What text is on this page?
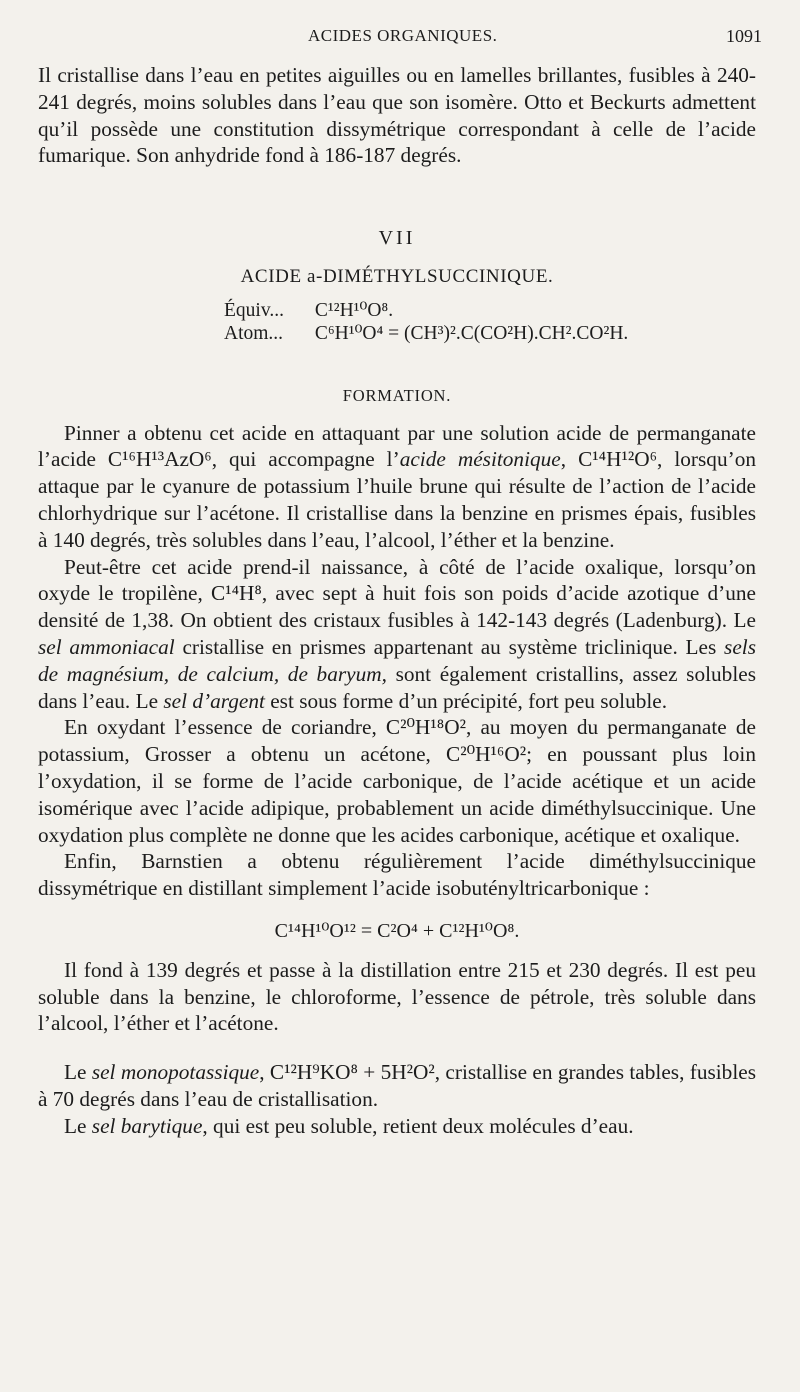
ACIDES ORGANIQUES.	1091

Il cristallise dans l’eau en petites aiguilles ou en lamelles brillantes, fusibles à 240-241 degrés, moins solubles dans l’eau que son isomère. Otto et Beckurts admettent qu’il possède une constitution dissymétrique correspondant à celle de l’acide fumarique. Son anhydride fond à 186-187 degrés.

VII

ACIDE a-DIMÉTHYLSUCCINIQUE.

Équiv... C¹²H¹⁰O⁸.
Atom... C⁶H¹⁰O⁴ = (CH³)².C(CO²H).CH².CO²H.

FORMATION.

Pinner a obtenu cet acide en attaquant par une solution acide de permanganate l’acide C¹⁶H¹³AzO⁶, qui accompagne l’acide mésitonique, C¹⁴H¹²O⁶, lorsqu’on attaque par le cyanure de potassium l’huile brune qui résulte de l’action de l’acide chlorhydrique sur l’acétone. Il cristallise dans la benzine en prismes épais, fusibles à 140 degrés, très solubles dans l’eau, l’alcool, l’éther et la benzine.

Peut-être cet acide prend-il naissance, à côté de l’acide oxalique, lorsqu’on oxyde le tropilène, C¹⁴H⁸, avec sept à huit fois son poids d’acide azotique d’une densité de 1,38. On obtient des cristaux fusibles à 142-143 degrés (Ladenburg). Le sel ammoniacal cristallise en prismes appartenant au système triclinique. Les sels de magnésium, de calcium, de baryum, sont également cristallins, assez solubles dans l’eau. Le sel d’argent est sous forme d’un précipité, fort peu soluble.

En oxydant l’essence de coriandre, C²⁰H¹⁸O², au moyen du permanganate de potassium, Grosser a obtenu un acétone, C²⁰H¹⁶O²; en poussant plus loin l’oxydation, il se forme de l’acide carbonique, de l’acide acétique et un acide isomérique avec l’acide adipique, probablement un acide diméthylsuccinique. Une oxydation plus complète ne donne que les acides carbonique, acétique et oxalique.

Enfin, Barnstien a obtenu régulièrement l’acide diméthylsuccinique dissymétrique en distillant simplement l’acide isobutényltricarbonique :

C¹⁴H¹⁰O¹² = C²O⁴ + C¹²H¹⁰O⁸.

Il fond à 139 degrés et passe à la distillation entre 215 et 230 degrés. Il est peu soluble dans la benzine, le chloroforme, l’essence de pétrole, très soluble dans l’alcool, l’éther et l’acétone.

Le sel monopotassique, C¹²H⁹KO⁸ + 5H²O², cristallise en grandes tables, fusibles à 70 degrés dans l’eau de cristallisation.

Le sel barytique, qui est peu soluble, retient deux molécules d’eau.
